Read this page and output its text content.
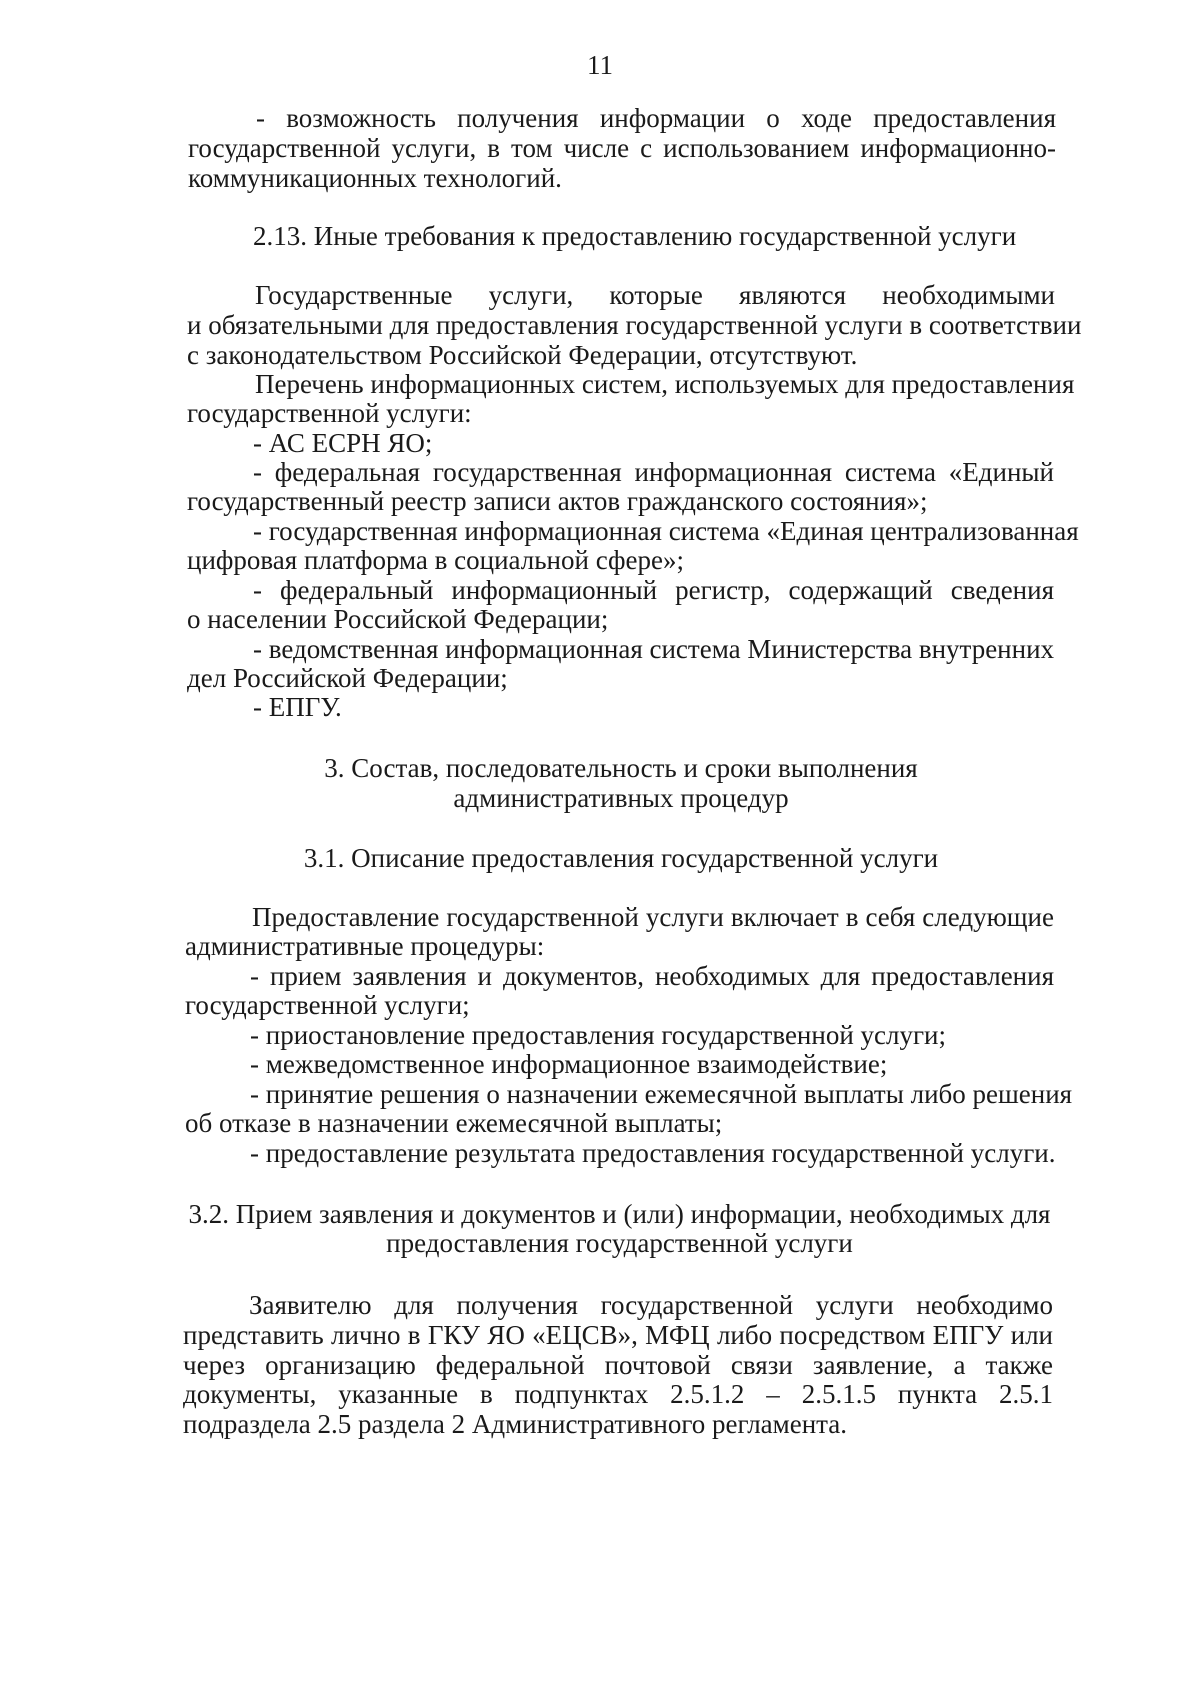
11

- возможность получения информации о ходе предоставления

государственной услуги, в том числе с использованием информационно-

коммуникационных технологий.

2.13. Иные требования к предоставлению государственной услуги

Государственные услуги, которые являются необходимыми

и обязательными для предоставления государственной услуги в соответствии

с законодательством Российской Федерации, отсутствуют.

Перечень информационных систем, используемых для предоставления

государственной услуги:

- АС ЕСРН ЯО;

- федеральная государственная информационная система «Единый

государственный реестр записи актов гражданского состояния»;

- государственная информационная система «Единая централизованная

цифровая платформа в социальной сфере»;

- федеральный информационный регистр, содержащий сведения

о населении Российской Федерации;

- ведомственная информационная система Министерства внутренних

дел Российской Федерации;

- ЕПГУ.

3. Состав, последовательность и сроки выполнения

административных процедур

3.1. Описание предоставления государственной услуги

Предоставление государственной услуги включает в себя следующие

административные процедуры:

- прием заявления и документов, необходимых для предоставления

государственной услуги;

- приостановление предоставления государственной услуги;

- межведомственное информационное взаимодействие;

- принятие решения о назначении ежемесячной выплаты либо решения

об отказе в назначении ежемесячной выплаты;

- предоставление результата предоставления государственной услуги.

3.2. Прием заявления и документов и (или) информации, необходимых для

предоставления государственной услуги

Заявителю для получения государственной услуги необходимо

представить лично в ГКУ ЯО «ЕЦСВ», МФЦ либо посредством ЕПГУ или

через организацию федеральной почтовой связи заявление, а также

документы, указанные в подпунктах 2.5.1.2 – 2.5.1.5 пункта 2.5.1

подраздела 2.5 раздела 2 Административного регламента.
